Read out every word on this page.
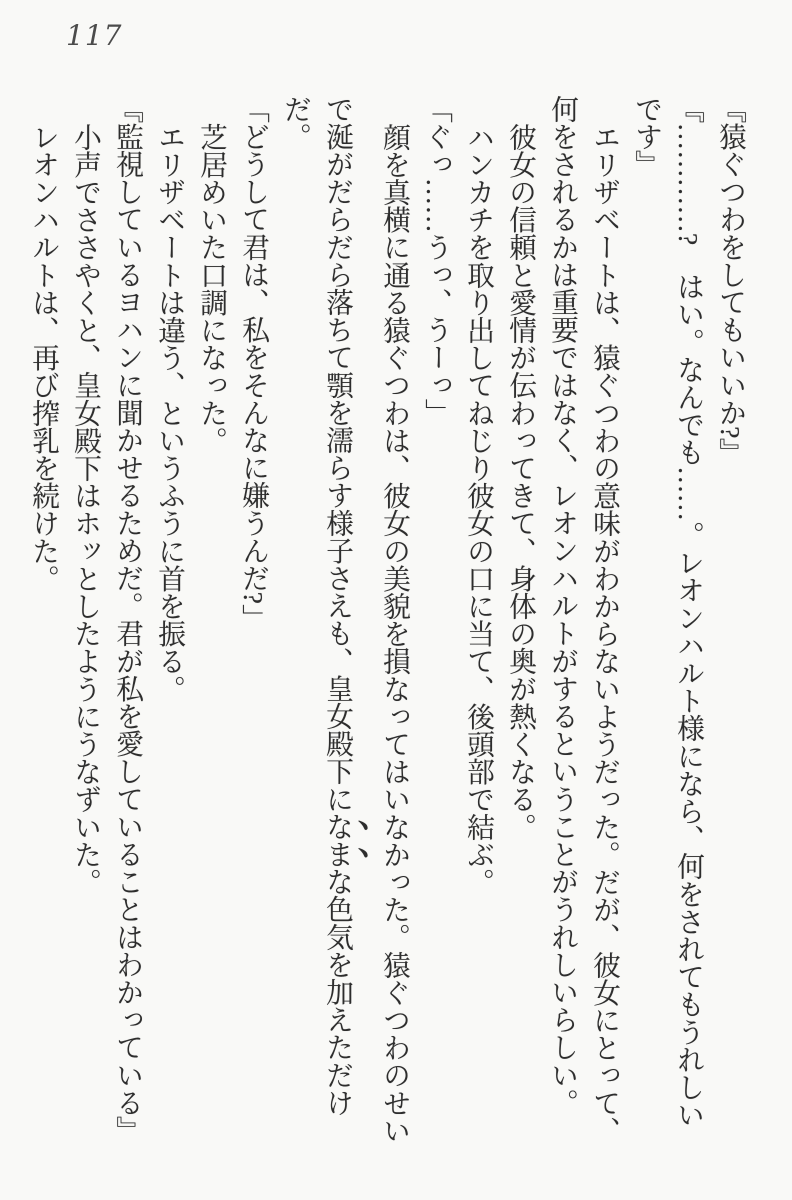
117

『猿ぐつわをしてもいいか?』

『…………?　はい。なんでも……。レオンハルト様になら、何をされてもうれしいです』

エリザベートは、猿ぐつわの意味がわからないようだった。だが、彼女にとって、何をされるかは重要ではなく、レオンハルトがするということがうれしいらしい。

彼女の信頼と愛情が伝わってきて、身体の奥が熱くなる。

ハンカチを取り出してねじり彼女の口に当て、後頭部で結ぶ。

「ぐっ……うっ、うーっ」

顔を真横に通る猿ぐつわは、彼女の美貌を損なってはいなかった。猿ぐつわのせいで涎がだらだら落ちて顎を濡らす様子さえも、皇女殿下になまな色気を加えただけだ。

「どうして君は、私をそんなに嫌うんだ?」

芝居めいた口調になった。

エリザベートは違う、というふうに首を振る。

『監視しているヨハンに聞かせるためだ。君が私を愛していることはわかっている』

小声でささやくと、皇女殿下はホッとしたようにうなずいた。

レオンハルトは、再び搾乳を続けた。
